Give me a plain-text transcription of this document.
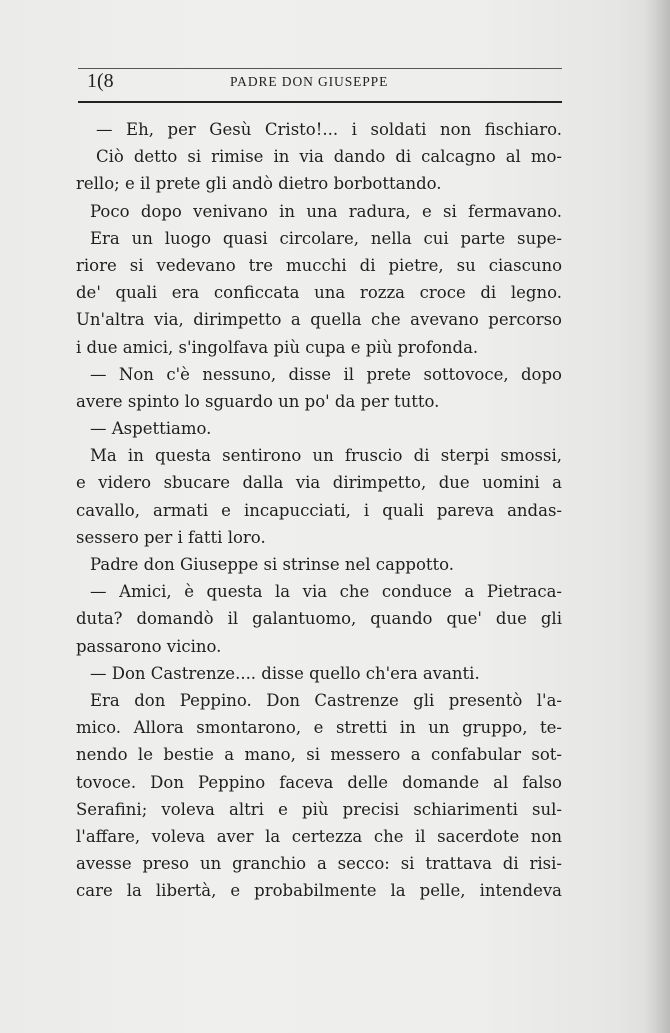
1(8	PADRE DON GIUSEPPE
— Eh, per Gesù Cristo!... i soldati non fischiaro.
Ciò detto si rimise in via dando di calcagno al mo-
rello; e il prete gli andò dietro borbottando.
Poco dopo venivano in una radura, e si fermavano.
Era un luogo quasi circolare, nella cui parte supe-
riore si vedevano tre mucchi di pietre, su ciascuno
de' quali era conficcata una rozza croce di legno.
Un'altra via, dirimpetto a quella che avevano percorso
i due amici, s'ingolfava più cupa e più profonda.
— Non c'è nessuno, disse il prete sottovoce, dopo
avere spinto lo sguardo un po' da per tutto.
— Aspettiamo.
Ma in questa sentirono un fruscio di sterpi smossi,
e videro sbucare dalla via dirimpetto, due uomini a
cavallo, armati e incapucciati, i quali pareva andas-
sessero per i fatti loro.
Padre don Giuseppe si strinse nel cappotto.
— Amici, è questa la via che conduce a Pietraca-
duta? domandò il galantuomo, quando que' due gli
passarono vicino.
— Don Castrenze.... disse quello ch'era avanti.
Era don Peppino. Don Castrenze gli presentò l'a-
mico. Allora smontarono, e stretti in un gruppo, te-
nendo le bestie a mano, si messero a confabular sot-
tovoce. Don Peppino faceva delle domande al falso
Serafini; voleva altri e più precisi schiarimenti sul-
l'affare, voleva aver la certezza che il sacerdote non
avesse preso un granchio a secco: si trattava di risi-
care la libertà, e probabilmente la pelle, intendeva
